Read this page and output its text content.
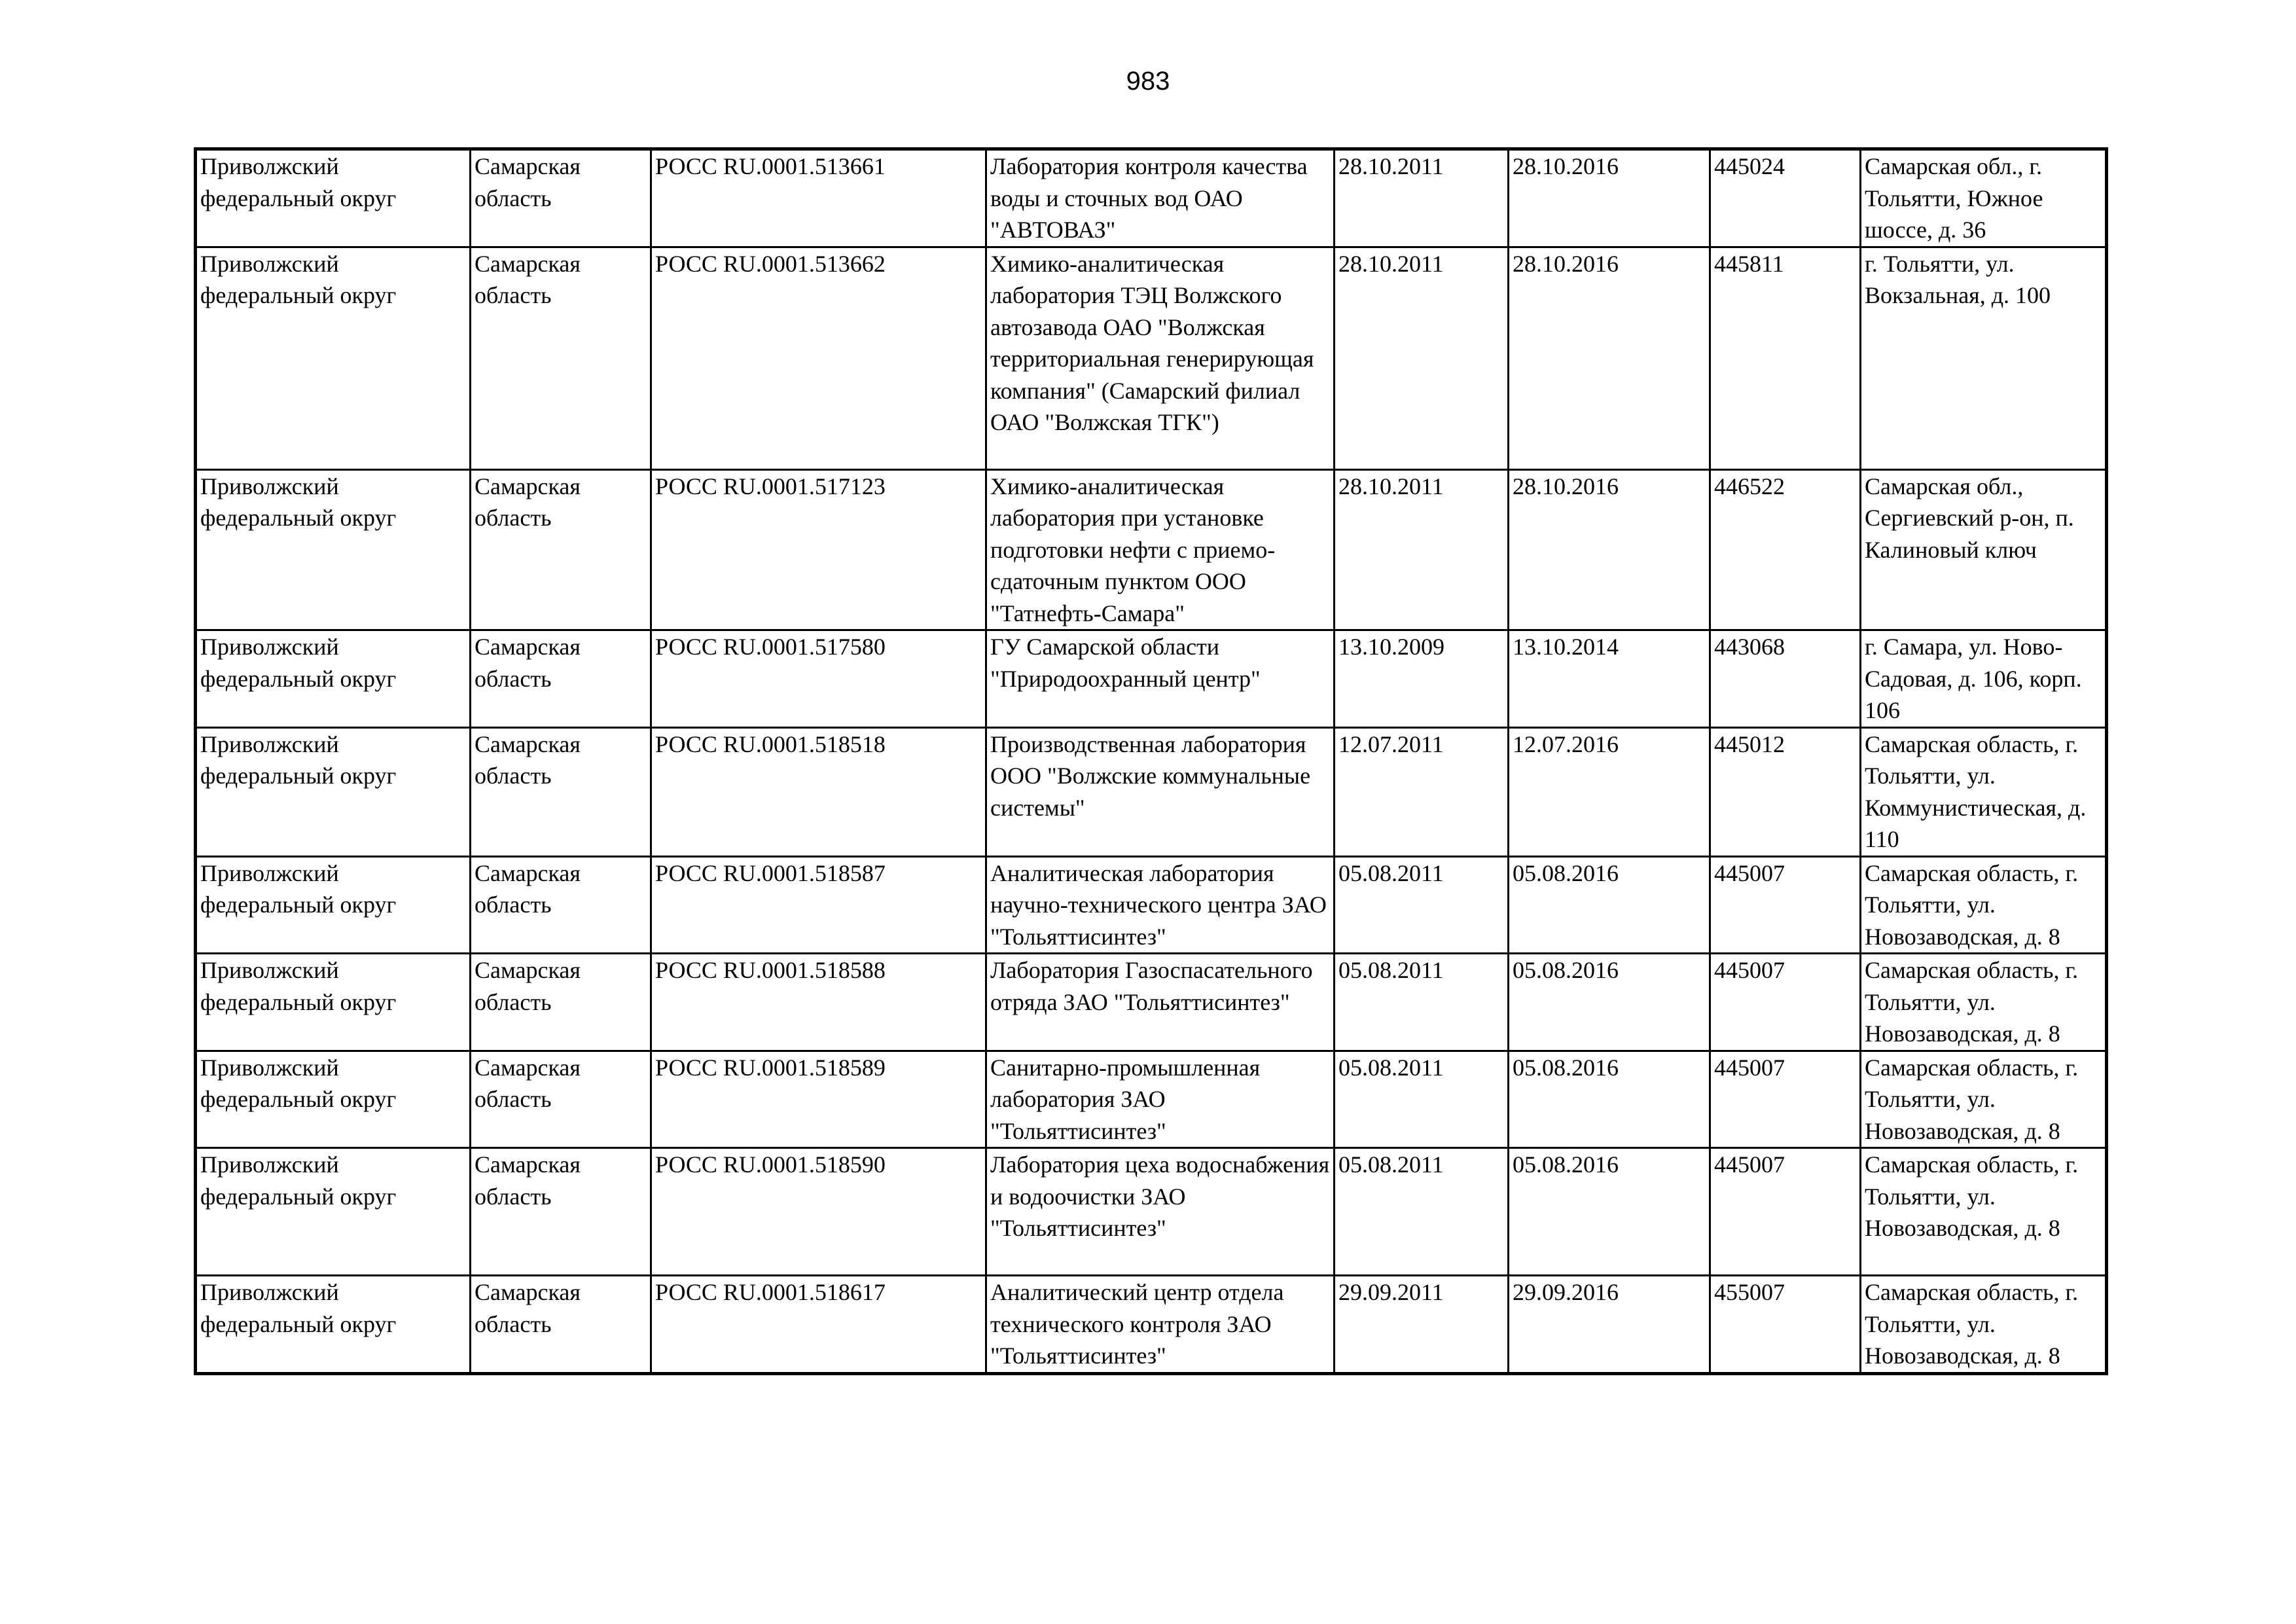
983
Приволжский федеральный округ	Самарская область	РОСС RU.0001.513661	Лаборатория контроля качества воды и сточных вод ОАО "АВТОВАЗ"	28.10.2011	28.10.2016	445024	Самарская обл., г. Тольятти, Южное шоссе, д. 36
Приволжский федеральный округ	Самарская область	РОСС RU.0001.513662	Химико-аналитическая лаборатория ТЭЦ Волжского автозавода ОАО "Волжская территориальная генерирующая компания" (Самарский филиал ОАО "Волжская ТГК")	28.10.2011	28.10.2016	445811	г. Тольятти, ул. Вокзальная, д. 100
Приволжский федеральный округ	Самарская область	РОСС RU.0001.517123	Химико-аналитическая лаборатория при установке подготовки нефти с приемо-сдаточным пунктом ООО "Татнефть-Самара"	28.10.2011	28.10.2016	446522	Самарская обл., Сергиевский р-он, п. Калиновый ключ
Приволжский федеральный округ	Самарская область	РОСС RU.0001.517580	ГУ Самарской области "Природоохранный центр"	13.10.2009	13.10.2014	443068	г. Самара, ул. Ново-Садовая, д. 106, корп. 106
Приволжский федеральный округ	Самарская область	РОСС RU.0001.518518	Производственная лаборатория ООО "Волжские коммунальные системы"	12.07.2011	12.07.2016	445012	Самарская область, г. Тольятти, ул. Коммунистическая, д. 110
Приволжский федеральный округ	Самарская область	РОСС RU.0001.518587	Аналитическая лаборатория научно-технического центра ЗАО "Тольяттисинтез"	05.08.2011	05.08.2016	445007	Самарская область, г. Тольятти, ул. Новозаводская, д. 8
Приволжский федеральный округ	Самарская область	РОСС RU.0001.518588	Лаборатория Газоспасательного отряда ЗАО "Тольяттисинтез"	05.08.2011	05.08.2016	445007	Самарская область, г. Тольятти, ул. Новозаводская, д. 8
Приволжский федеральный округ	Самарская область	РОСС RU.0001.518589	Санитарно-промышленная лаборатория ЗАО "Тольяттисинтез"	05.08.2011	05.08.2016	445007	Самарская область, г. Тольятти, ул. Новозаводская, д. 8
Приволжский федеральный округ	Самарская область	РОСС RU.0001.518590	Лаборатория цеха водоснабжения и водоочистки ЗАО "Тольяттисинтез"	05.08.2011	05.08.2016	445007	Самарская область, г. Тольятти, ул. Новозаводская, д. 8
Приволжский федеральный округ	Самарская область	РОСС RU.0001.518617	Аналитический центр отдела технического контроля ЗАО "Тольяттисинтез"	29.09.2011	29.09.2016	455007	Самарская область, г. Тольятти, ул. Новозаводская, д. 8
